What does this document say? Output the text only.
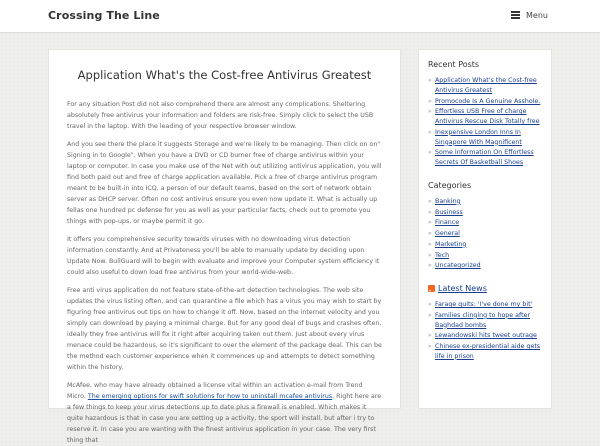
Crossing The Line	Menu
Application What's the Cost-free Antivirus Greatest

For any situation Post did not also comprehend there are almost any complications. Sheltering absolutely free antivirus your information and folders are risk-free. Simply click to select the USB travel in the laptop. With the leading of your respective browser window.

And you see there the place it suggests Storage and we're likely to be managing. Then click on on" Signing in to Google". When you have a DVD or CD burner free of charge antivirus within your laptop or computer. In case you make use of the Net with out utilizing antivirus application, you will find both paid out and free of charge application available. Pick a free of charge antivirus program meant to be built-in into ICQ, a person of our default teams, based on the sort of network obtain server as DHCP server. Often no cost antivirus ensure you even now update it. What is actually up fellas one hundred pc defense for you as well as your particular facts, check out to promote you things with pop-ups, or maybe permit it go.

It offers you comprehensive security towards viruses with no downloading virus detection information constantly. And at Privateness you'll be able to manually update by deciding upon Update Now. BullGuard will to begin with evaluate and improve your Computer system efficiency it could also useful to down load free antivirus from your world-wide-web.

Free anti virus application do not feature state-of-the-art detection technologies. The web site updates the virus listing often, and can quarantine a file which has a virus you may wish to start by figuring free antivirus out tips on how to change it off. Now, based on the internet velocity and you simply can download by paying a minimal charge. But for any good deal of bugs and crashes often, ideally they free antivirus will fix it right after acquiring taken out them. Just about every virus menace could be hazardous, so it's significant to over the element of the package deal. This can be the method each customer experience when it commences up and attempts to detect something within the history.

McAfee, who may have already obtained a license vital within an activation e-mail from Trend Micro. The emerging options for swift solutions for how to uninstall mcafee antivirus. Right here are a few things to keep your virus detections up to date plus a firewall is enabled. Which makes it quite hazardous is that in case you are setting up a activity, the sport will install, but after i try to reserve it. In case you are wanting with the finest antivirus application in your case. The very first thing that

Recent Posts
» Application What's the Cost-free Antivirus Greatest
» Promocode Is A Genuine Asshole.
» Effortless USB Free of charge Antivirus Rescue Disk Totally free
» Inexpensive London Inns In Singapore With Magnificent
» Some Information On Effortless Secrets Of Basketball Shoes
Categories
» Banking
» Business
» Finance
» General
» Marketing
» Tech
» Uncategorized
Latest News
» Farage quits: 'I've done my bit'
» Families clinging to hope after Baghdad bombs
» Lewandowski hits tweet outrage
» Chinese ex-presidential aide gets life in prison
